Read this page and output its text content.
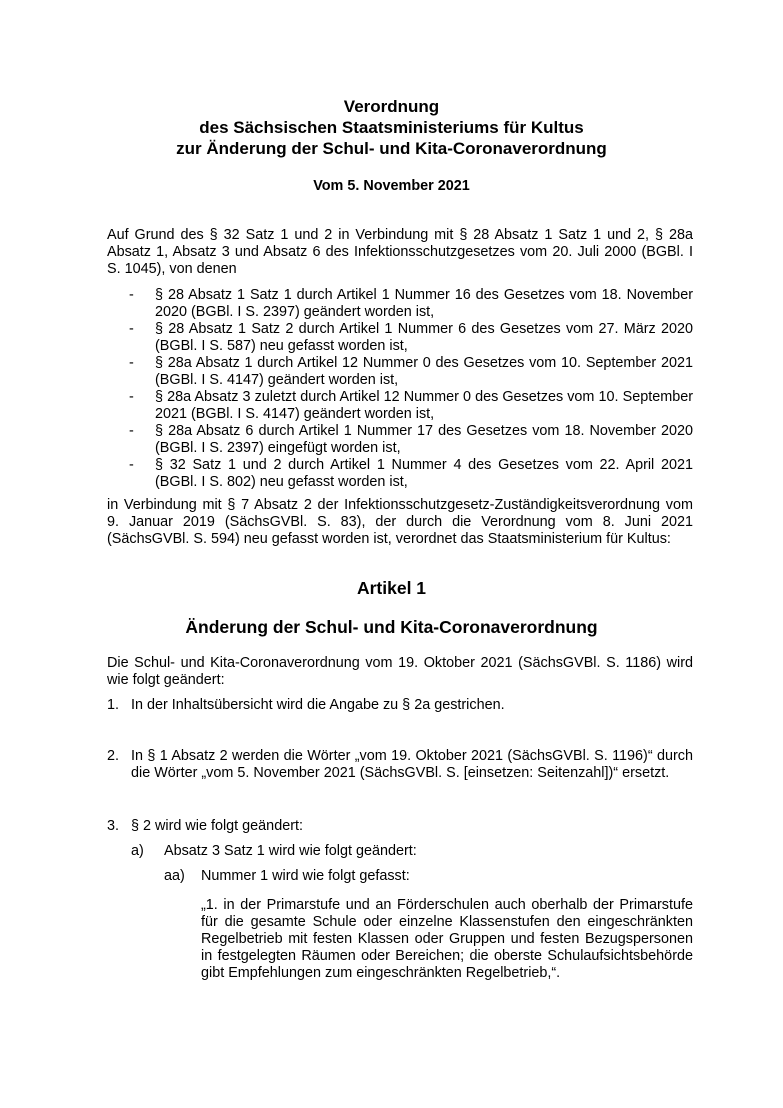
Verordnung
des Sächsischen Staatsministeriums für Kultus
zur Änderung der Schul- und Kita-Coronaverordnung
Vom 5. November 2021
Auf Grund des § 32 Satz 1 und 2 in Verbindung mit § 28 Absatz 1 Satz 1 und 2, § 28a Absatz 1, Absatz 3 und Absatz 6 des Infektionsschutzgesetzes vom 20. Juli 2000 (BGBl. I S. 1045), von denen
- § 28 Absatz 1 Satz 1 durch Artikel 1 Nummer 16 des Gesetzes vom 18. November 2020 (BGBl. I S. 2397) geändert worden ist,
- § 28 Absatz 1 Satz 2 durch Artikel 1 Nummer 6 des Gesetzes vom 27. März 2020 (BGBl. I S. 587) neu gefasst worden ist,
- § 28a Absatz 1 durch Artikel 12 Nummer 0 des Gesetzes vom 10. September 2021 (BGBl. I S. 4147) geändert worden ist,
- § 28a Absatz 3 zuletzt durch Artikel 12 Nummer 0 des Gesetzes vom 10. September 2021 (BGBl. I S. 4147) geändert worden ist,
- § 28a Absatz 6 durch Artikel 1 Nummer 17 des Gesetzes vom 18. November 2020 (BGBl. I S. 2397) eingefügt worden ist,
- § 32 Satz 1 und 2 durch Artikel 1 Nummer 4 des Gesetzes vom 22. April 2021 (BGBl. I S. 802) neu gefasst worden ist,
in Verbindung mit § 7 Absatz 2 der Infektionsschutzgesetz-Zuständigkeitsverordnung vom 9. Januar 2019 (SächsGVBl. S. 83), der durch die Verordnung vom 8. Juni 2021 (SächsGVBl. S. 594) neu gefasst worden ist, verordnet das Staatsministerium für Kultus:
Artikel 1
Änderung der Schul- und Kita-Coronaverordnung
Die Schul- und Kita-Coronaverordnung vom 19. Oktober 2021 (SächsGVBl. S. 1186) wird wie folgt geändert:
1. In der Inhaltsübersicht wird die Angabe zu § 2a gestrichen.
2. In § 1 Absatz 2 werden die Wörter „vom 19. Oktober 2021 (SächsGVBl. S. 1196)“ durch die Wörter „vom 5. November 2021 (SächsGVBl. S. [einsetzen: Seitenzahl])“ ersetzt.
3. § 2 wird wie folgt geändert:
a) Absatz 3 Satz 1 wird wie folgt geändert:
aa) Nummer 1 wird wie folgt gefasst:
„1. in der Primarstufe und an Förderschulen auch oberhalb der Primarstufe für die gesamte Schule oder einzelne Klassenstufen den eingeschränkten Regelbetrieb mit festen Klassen oder Gruppen und festen Bezugspersonen in festgelegten Räumen oder Bereichen; die oberste Schulaufsichtsbehörde gibt Empfehlungen zum eingeschränkten Regelbetrieb,“.
